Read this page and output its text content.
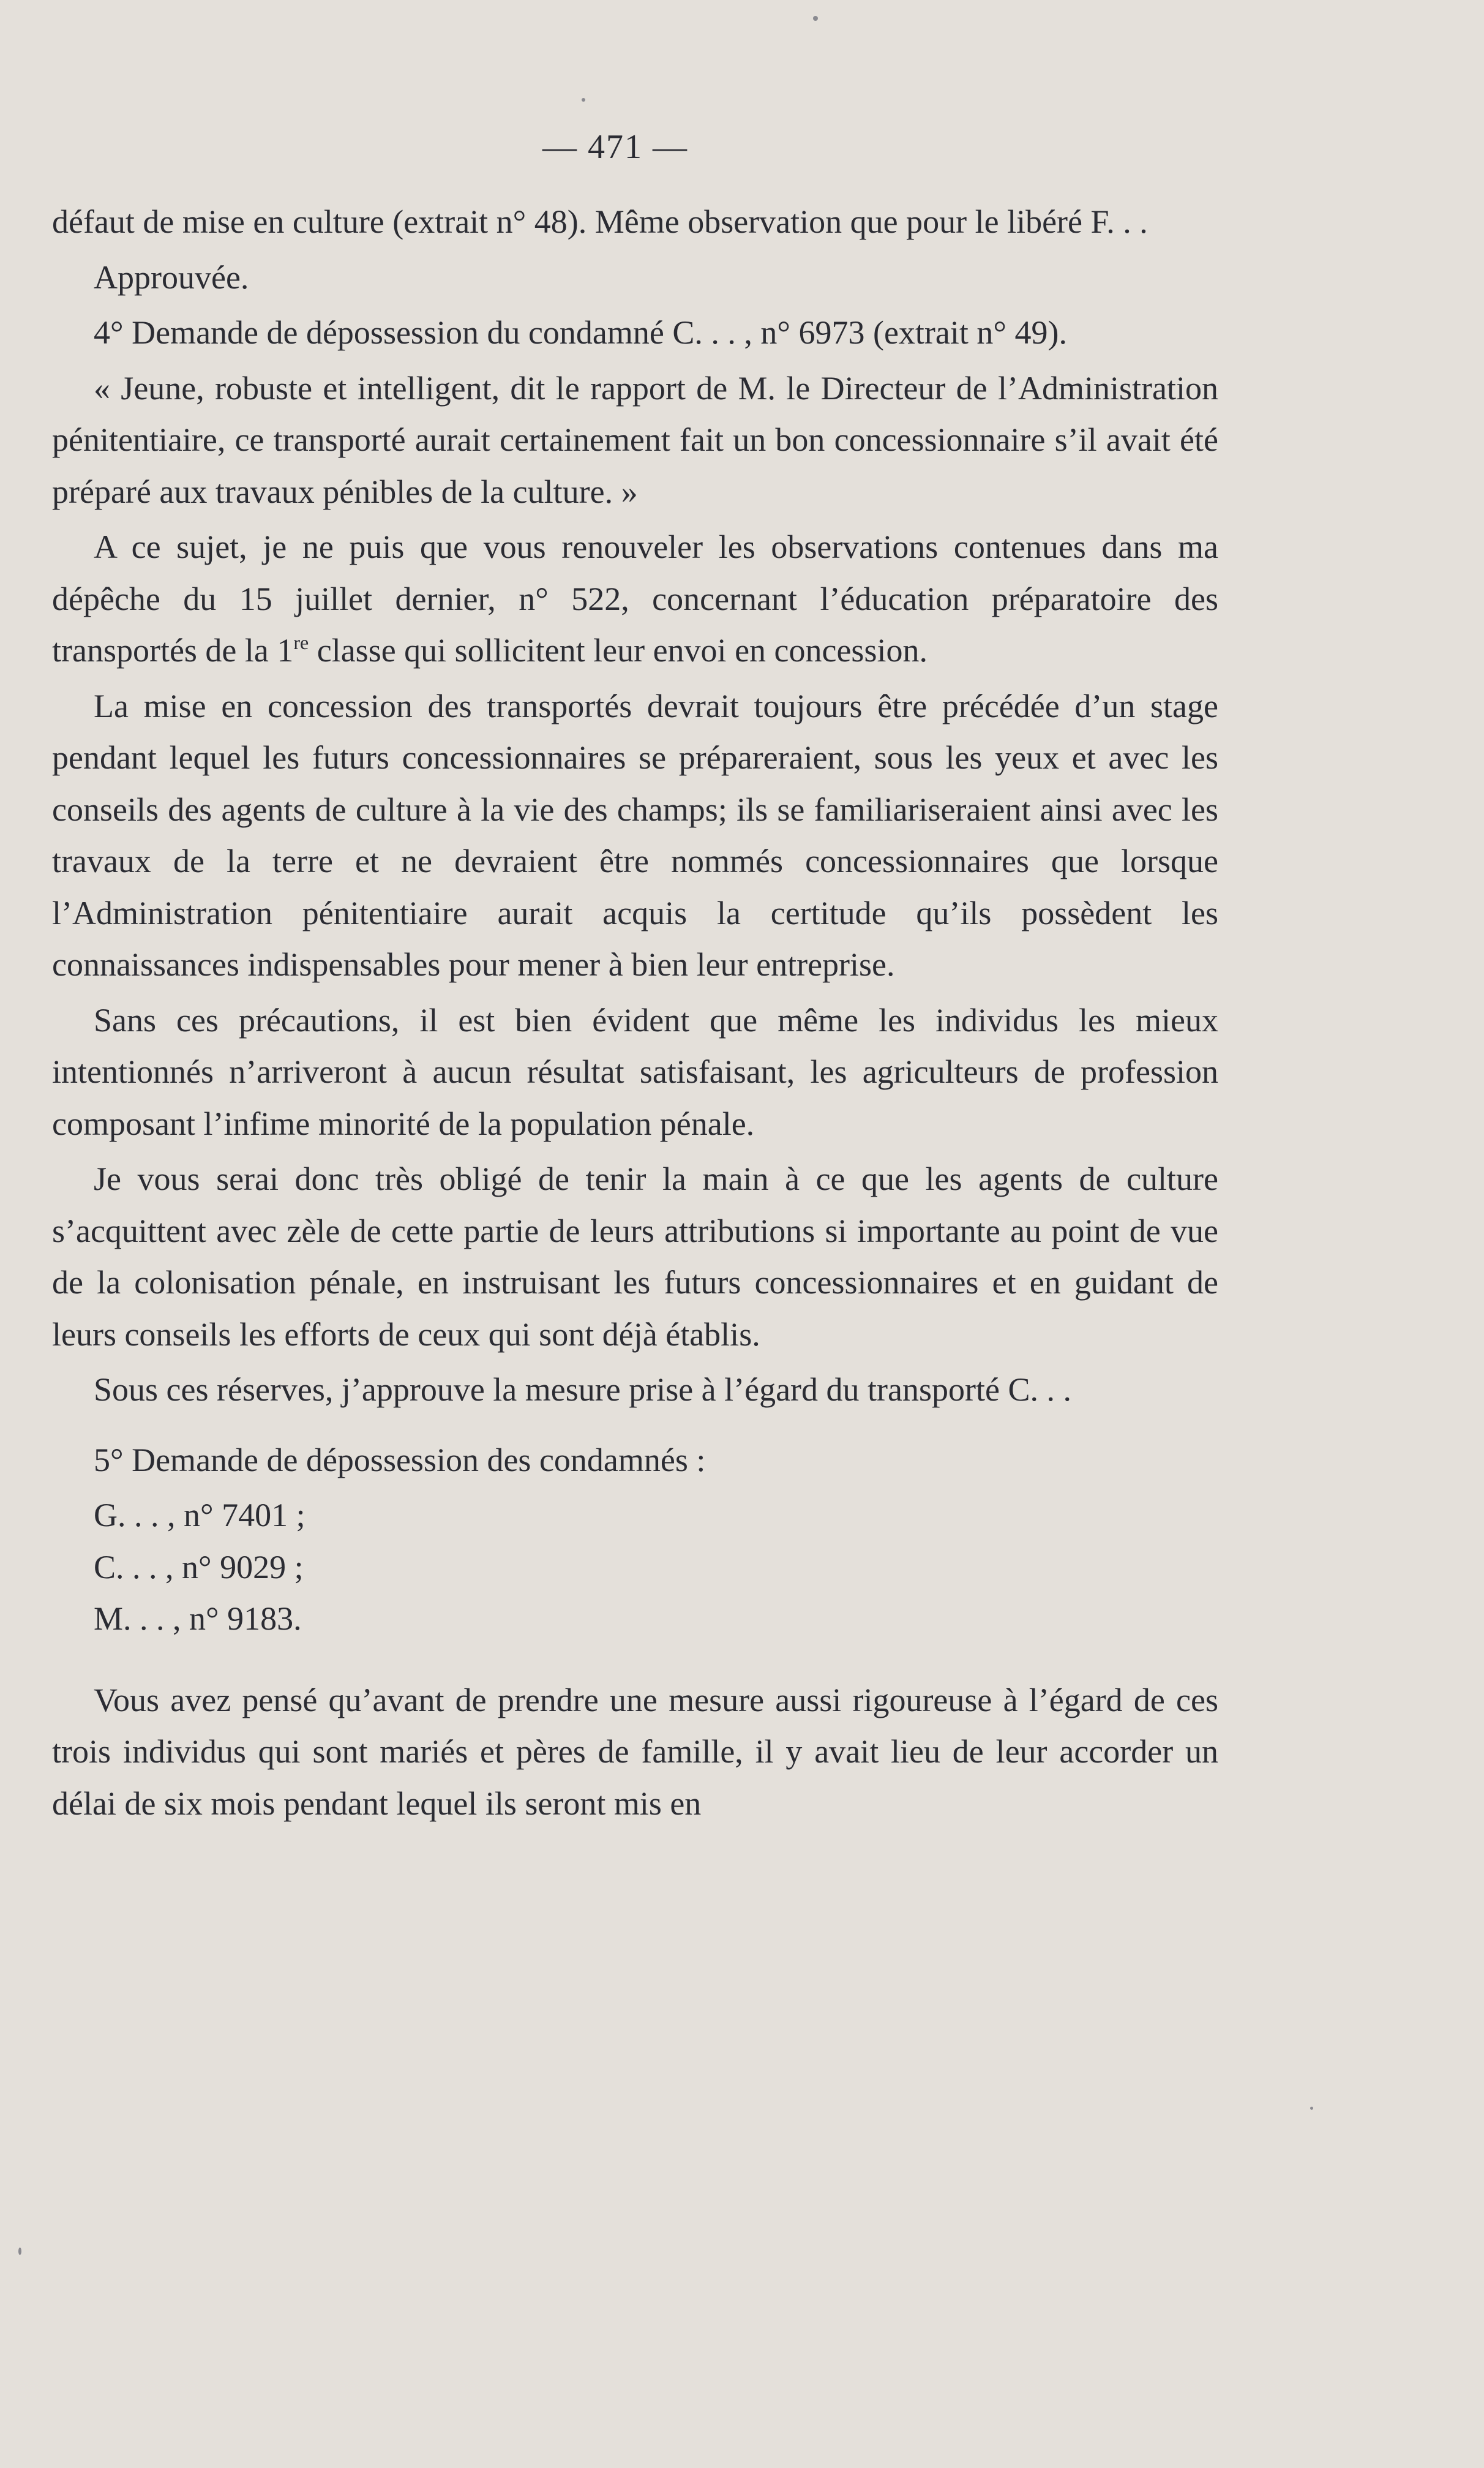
— 471 —

défaut de mise en culture (extrait n° 48). Même observation que pour le libéré F. . .

Approuvée.

4° Demande de dépossession du condamné C. . . , n° 6973 (extrait n° 49).

« Jeune, robuste et intelligent, dit le rapport de M. le Directeur de l’Administration pénitentiaire, ce transporté aurait certainement fait un bon concessionnaire s’il avait été préparé aux travaux pénibles de la culture. »

A ce sujet, je ne puis que vous renouveler les observations contenues dans ma dépêche du 15 juillet dernier, n° 522, concernant l’éducation préparatoire des transportés de la 1re classe qui sollicitent leur envoi en concession.

La mise en concession des transportés devrait toujours être précédée d’un stage pendant lequel les futurs concessionnaires se prépareraient, sous les yeux et avec les conseils des agents de culture à la vie des champs; ils se familiariseraient ainsi avec les travaux de la terre et ne devraient être nommés concessionnaires que lorsque l’Administration pénitentiaire aurait acquis la certitude qu’ils possèdent les connaissances indispensables pour mener à bien leur entreprise.

Sans ces précautions, il est bien évident que même les individus les mieux intentionnés n’arriveront à aucun résultat satisfaisant, les agriculteurs de profession composant l’infime minorité de la population pénale.

Je vous serai donc très obligé de tenir la main à ce que les agents de culture s’acquittent avec zèle de cette partie de leurs attributions si importante au point de vue de la colonisation pénale, en instruisant les futurs concessionnaires et en guidant de leurs conseils les efforts de ceux qui sont déjà établis.

Sous ces réserves, j’approuve la mesure prise à l’égard du transporté C. . .

5° Demande de dépossession des condamnés :

G. . . , n° 7401 ;

C. . . , n° 9029 ;

M. . . , n° 9183.

Vous avez pensé qu’avant de prendre une mesure aussi rigoureuse à l’égard de ces trois individus qui sont mariés et pères de famille, il y avait lieu de leur accorder un délai de six mois pendant lequel ils seront mis en
